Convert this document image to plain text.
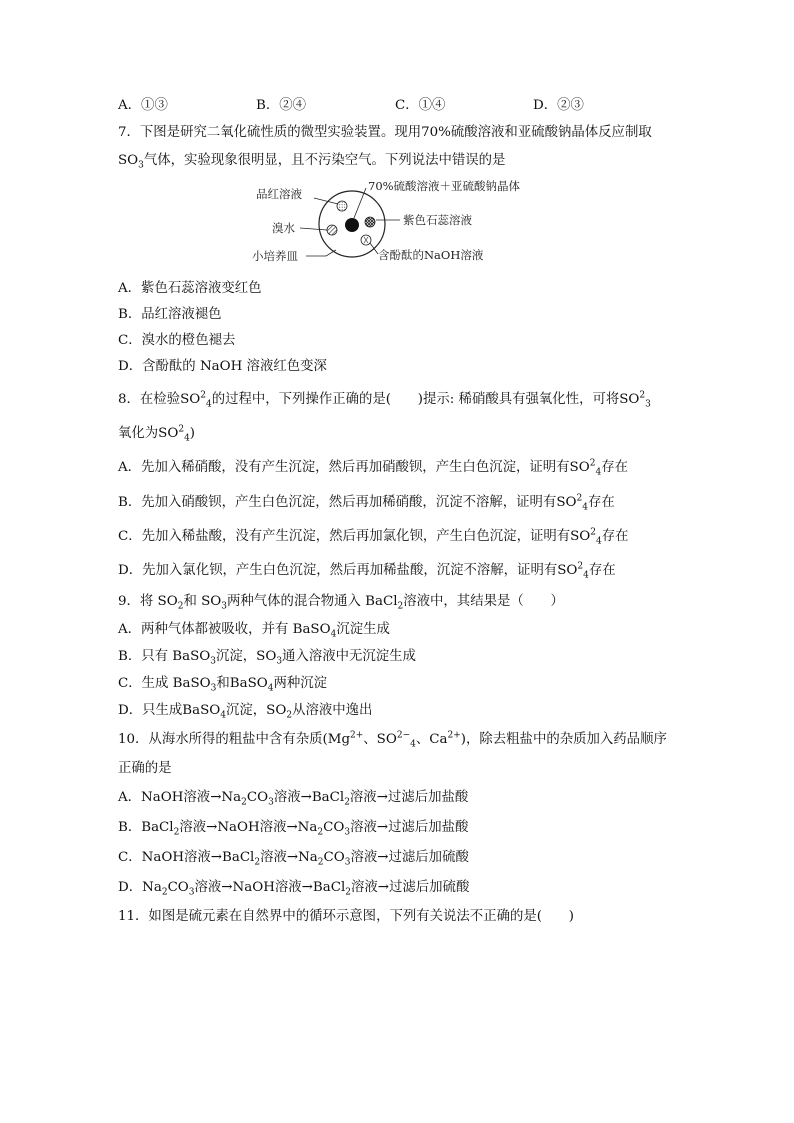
A．①③	B．②④	C．①④	D．②③
7．下图是研究二氧化硫性质的微型实验装置。现用70%硫酸溶液和亚硫酸钠晶体反应制取
$SO_3$气体，实验现象很明显，且不污染空气。下列说法中错误的是
品红溶液
溴水
小培养皿
70%硫酸溶液＋亚硫酸钠晶体
紫色石蕊溶液
含酚酞的NaOH溶液
A．紫色石蕊溶液变红色
B．品红溶液褪色
C．溴水的橙色褪去
D．含酚酞的 NaOH 溶液红色变深
8．在检验$SO^2_4$的过程中，下列操作正确的是(　　)提示: 稀硝酸具有强氧化性，可将$SO^2_3$
氧化为$SO^2_4$)
A．先加入稀硝酸，没有产生沉淀，然后再加硝酸钡，产生白色沉淀，证明有$SO^2_4$存在
B．先加入硝酸钡，产生白色沉淀，然后再加稀硝酸，沉淀不溶解，证明有$SO^2_4$存在
C．先加入稀盐酸，没有产生沉淀，然后再加氯化钡，产生白色沉淀，证明有$SO^2_4$存在
D．先加入氯化钡，产生白色沉淀，然后再加稀盐酸，沉淀不溶解，证明有$SO^2_4$存在
9．将 $SO_2$和 $SO_3$两种气体的混合物通入 BaCl$_2$溶液中，其结果是（　　）
A．两种气体都被吸收，并有 BaSO$_4$沉淀生成
B．只有 BaSO$_3$沉淀，$SO_3$通入溶液中无沉淀生成
C．生成 BaSO$_3$和BaSO$_4$两种沉淀
D．只生成BaSO$_4$沉淀，$SO_2$从溶液中逸出
10．从海水所得的粗盐中含有杂质($Mg^{2+}$、$SO^{2-}_4$、$Ca^{2+}$)，除去粗盐中的杂质加入药品顺序
正确的是
A．NaOH溶液$\to Na_2CO_3$溶液→BaCl$_2$溶液→过滤后加盐酸
B．BaCl$_2$溶液→NaOH溶液$\to Na_2CO_3$溶液→过滤后加盐酸
C．NaOH溶液→BaCl$_2$溶液$\to Na_2CO_3$溶液→过滤后加硫酸
D．$Na_2CO_3$溶液→NaOH溶液→BaCl$_2$溶液→过滤后加硫酸
11．如图是硫元素在自然界中的循环示意图，下列有关说法不正确的是(　　)
